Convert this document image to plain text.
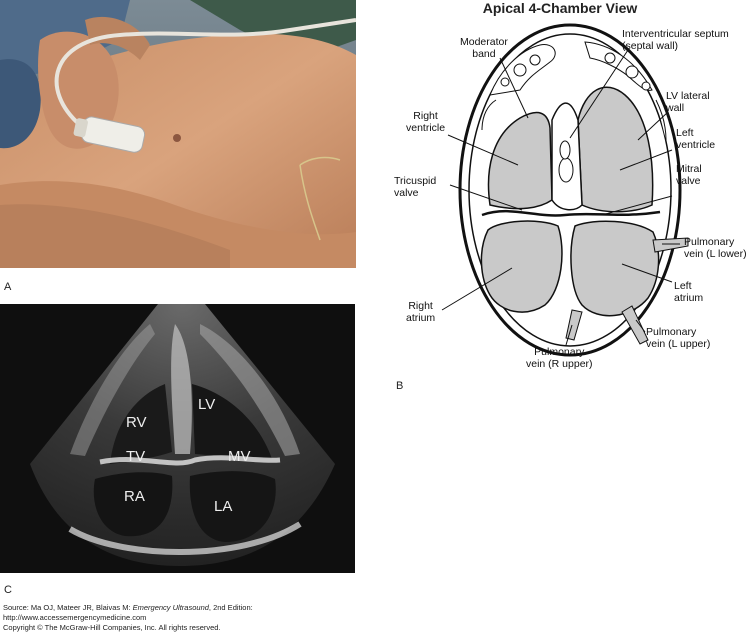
A
Apical 4-Chamber View
Moderator
band
Interventricular septum
(septal wall)
LV lateral
wall
Right
ventricle	Left
ventricle
Tricuspid
valve
Mitral
valve
Pulmonary
vein (L lower)
Left
atrium
Right
atrium
Pulmonary
vein (L upper)
Pulmonary
vein (R upper)
B
RV
LV
TV	MV
RA
LA
C
Source: Ma OJ, Mateer JR, Blaivas M: Emergency Ultrasound, 2nd Edition:
http://www.accessemergencymedicine.com
Copyright © The McGraw-Hill Companies, Inc. All rights reserved.
